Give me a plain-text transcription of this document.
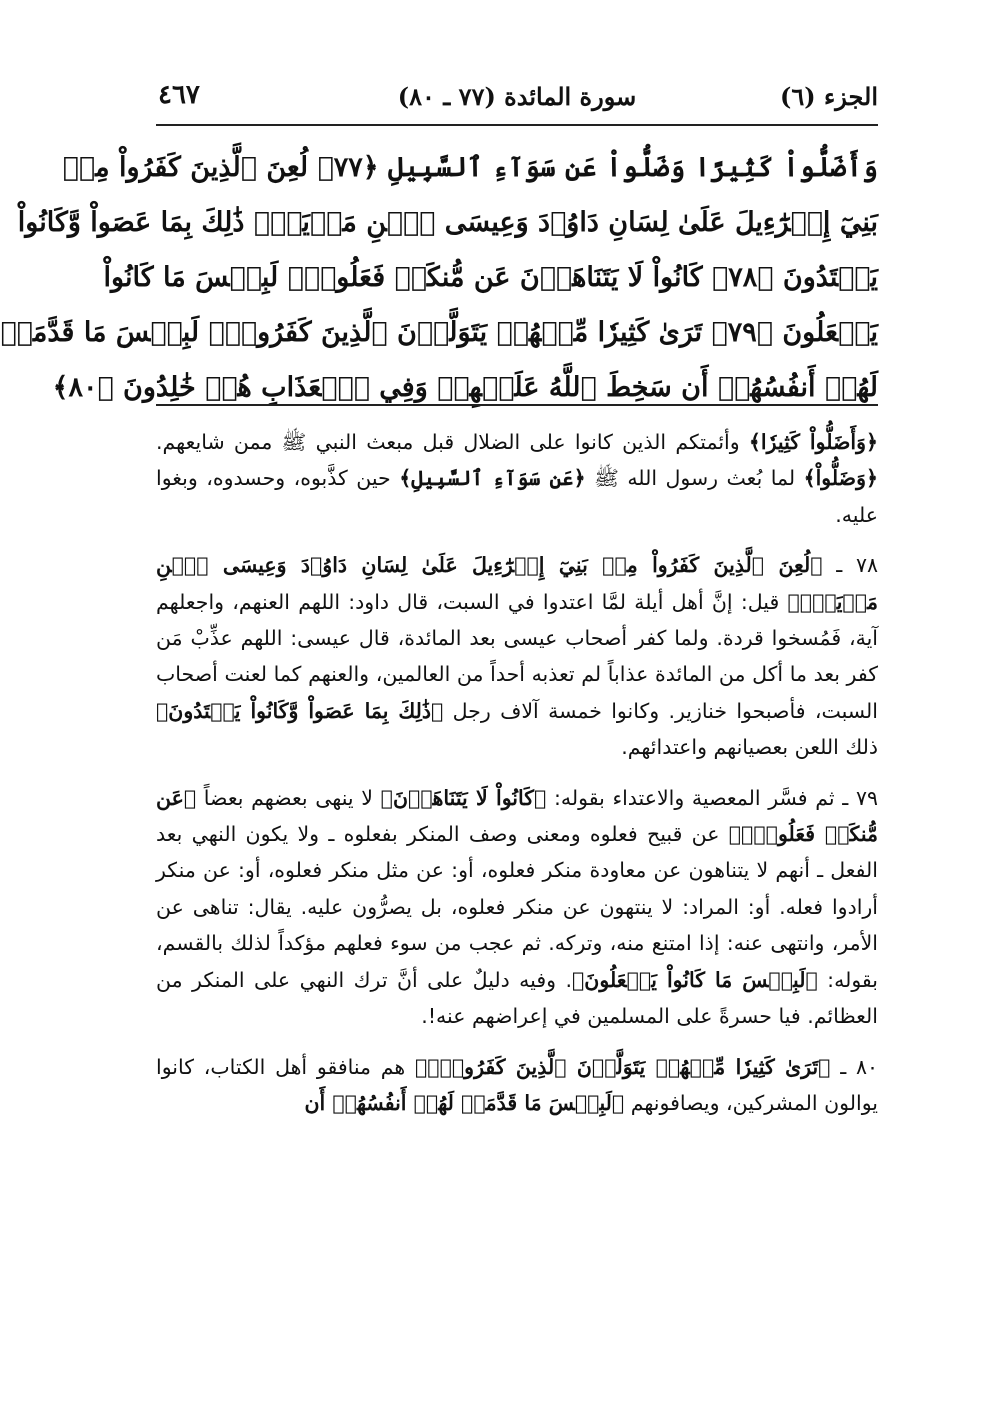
الجزء (٦)
سورة المائدة (٧٧ ـ ٨٠)
٤٦٧
وَأَضَلُّواْ كَثِيرًا وَضَلُّواْ عَن سَوَآءِ ٱلسَّبِيلِ ﴿٧٧﴾ لُعِنَ ٱلَّذِينَ كَفَرُواْ مِنۢ
بَنِيٓ إِسۡرَٰٓءِيلَ عَلَىٰ لِسَانِ دَاوُۥدَ وَعِيسَى ٱبۡنِ مَرۡيَمَۚ ذَٰلِكَ بِمَا عَصَواْ وَّكَانُواْ
يَعۡتَدُونَ ﴿٧٨﴾ كَانُواْ لَا يَتَنَاهَوۡنَ عَن مُّنكَرٖ فَعَلُوهُۚ لَبِئۡسَ مَا كَانُواْ
يَفۡعَلُونَ ﴿٧٩﴾ تَرَىٰ كَثِيرٗا مِّنۡهُمۡ يَتَوَلَّوۡنَ ٱلَّذِينَ كَفَرُواْۚ لَبِئۡسَ مَا قَدَّمَتۡ
لَهُمۡ أَنفُسُهُمۡ أَن سَخِطَ ٱللَّهُ عَلَيۡهِمۡ وَفِي ٱلۡعَذَابِ هُمۡ خَٰلِدُونَ ﴿٨٠﴾

﴿وَأَضَلُّواْ كَثِيرٗا﴾ وأئمتكم الذين كانوا على الضلال قبل مبعث النبي ﷺ ممن شايعهم. ﴿وَضَلُّواْ﴾ لما بُعث رسول الله ﷺ ﴿عَن سَوَآءِ ٱلسَّبِيلِ﴾ حين كذَّبوه، وحسدوه، وبغوا عليه.

٧٨ ـ ﴿لُعِنَ ٱلَّذِينَ كَفَرُواْ مِنۢ بَنِيٓ إِسۡرَٰٓءِيلَ عَلَىٰ لِسَانِ دَاوُۥدَ وَعِيسَى ٱبۡنِ مَرۡيَمَۚ﴾ قيل: إنَّ أهل أيلة لمَّا اعتدوا في السبت، قال داود: اللهم العنهم، واجعلهم آية، فَمُسخوا قردة. ولما كفر أصحاب عيسى بعد المائدة، قال عيسى: اللهم عذِّبْ مَن كفر بعد ما أكل من المائدة عذاباً لم تعذبه أحداً من العالمين، والعنهم كما لعنت أصحاب السبت، فأصبحوا خنازير. وكانوا خمسة آلاف رجل ﴿ذَٰلِكَ بِمَا عَصَواْ وَّكَانُواْ يَعۡتَدُونَ﴾ ذلك اللعن بعصيانهم واعتدائهم.

٧٩ ـ ثم فسَّر المعصية والاعتداء بقوله: ﴿كَانُواْ لَا يَتَنَاهَوۡنَ﴾ لا ينهى بعضهم بعضاً ﴿عَن مُّنكَرٖ فَعَلُوهُۚ﴾ عن قبيح فعلوه ومعنى وصف المنكر بفعلوه ـ ولا يكون النهي بعد الفعل ـ أنهم لا يتناهون عن معاودة منكر فعلوه، أو: عن مثل منكر فعلوه، أو: عن منكر أرادوا فعله. أو: المراد: لا ينتهون عن منكر فعلوه، بل يصرُّون عليه. يقال: تناهى عن الأمر، وانتهى عنه: إذا امتنع منه، وتركه. ثم عجب من سوء فعلهم مؤكداً لذلك بالقسم، بقوله: ﴿لَبِئۡسَ مَا كَانُواْ يَفۡعَلُونَ﴾. وفيه دليلٌ على أنَّ ترك النهي على المنكر من العظائم. فيا حسرةً على المسلمين في إعراضهم عنه!.

٨٠ ـ ﴿تَرَىٰ كَثِيرٗا مِّنۡهُمۡ يَتَوَلَّوۡنَ ٱلَّذِينَ كَفَرُواْۚ﴾ هم منافقو أهل الكتاب، كانوا يوالون المشركين، ويصافونهم ﴿لَبِئۡسَ مَا قَدَّمَتۡ لَهُمۡ أَنفُسُهُمۡ أَن
